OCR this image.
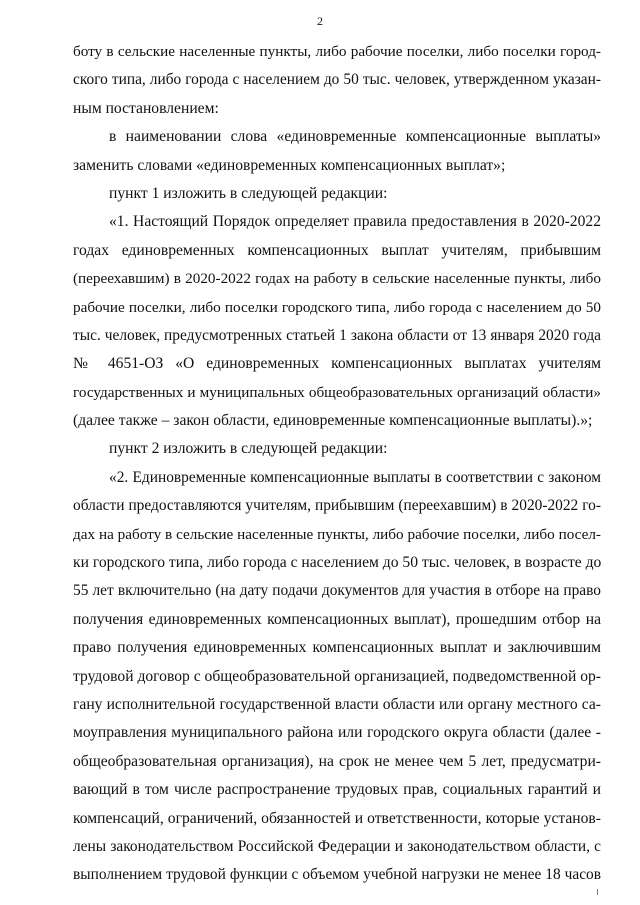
2
боту в сельские населенные пункты, либо рабочие поселки, либо поселки город-
ского типа, либо города с населением до 50 тыс. человек, утвержденном указан-
ным постановлением:
в наименовании слова «единовременные компенсационные выплаты»
заменить словами «единовременных компенсационных выплат»;
пункт 1 изложить в следующей редакции:
«1. Настоящий Порядок определяет правила предоставления в 2020-2022
годах единовременных компенсационных выплат учителям, прибывшим
(переехавшим) в 2020-2022 годах на работу в сельские населенные пункты, либо
рабочие поселки, либо поселки городского типа, либо города с населением до 50
тыс. человек, предусмотренных статьей 1 закона области от 13 января 2020 года
№ 4651-ОЗ «О единовременных компенсационных выплатах учителям
государственных и муниципальных общеобразовательных организаций области»
(далее также – закон области, единовременные компенсационные выплаты).»;
пункт 2 изложить в следующей редакции:
«2. Единовременные компенсационные выплаты в соответствии с законом
области предоставляются учителям, прибывшим (переехавшим) в 2020-2022 го-
дах на работу в сельские населенные пункты, либо рабочие поселки, либо посел-
ки городского типа, либо города с населением до 50 тыс. человек, в возрасте до
55 лет включительно (на дату подачи документов для участия в отборе на право
получения единовременных компенсационных выплат), прошедшим отбор на
право получения единовременных компенсационных выплат и заключившим
трудовой договор с общеобразовательной организацией, подведомственной ор-
гану исполнительной государственной власти области или органу местного са-
моуправления муниципального района или городского округа области (далее -
общеобразовательная организация), на срок не менее чем 5 лет, предусматри-
вающий в том числе распространение трудовых прав, социальных гарантий и
компенсаций, ограничений, обязанностей и ответственности, которые установ-
лены законодательством Российской Федерации и законодательством области, с
выполнением трудовой функции с объемом учебной нагрузки не менее 18 часов
